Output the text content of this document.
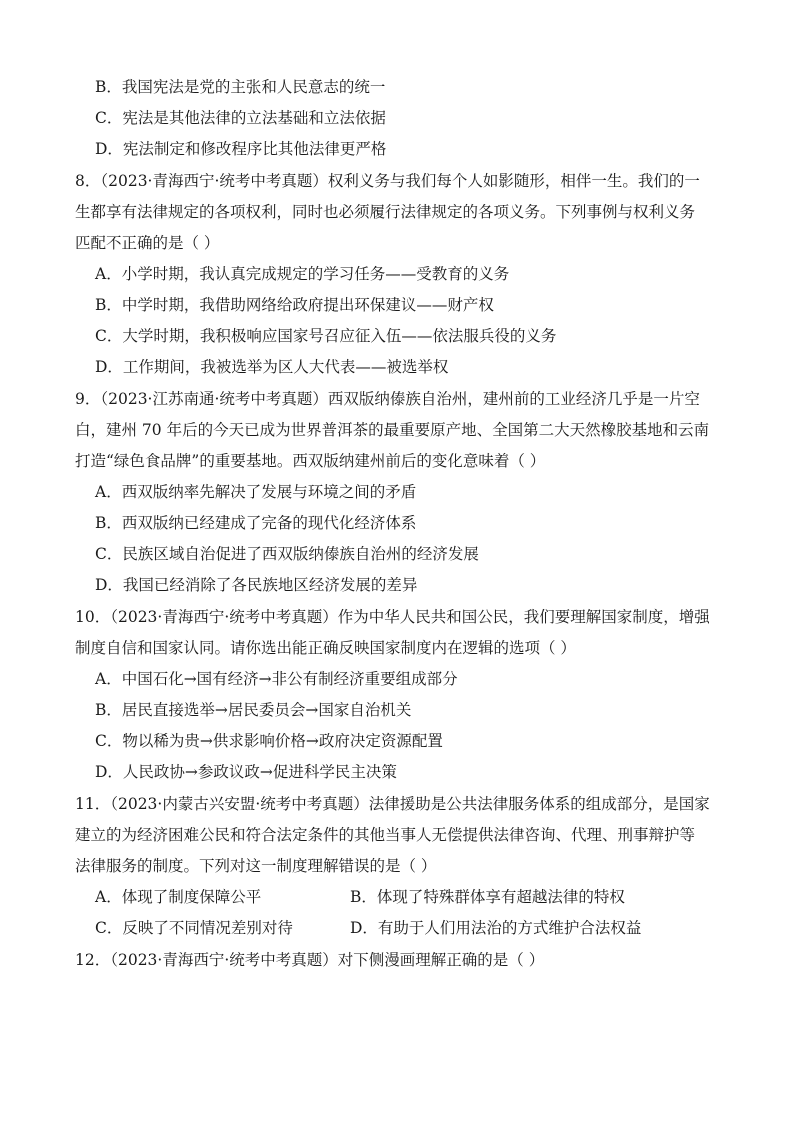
B．我国宪法是党的主张和人民意志的统一
C．宪法是其他法律的立法基础和立法依据
D．宪法制定和修改程序比其他法律更严格
8．（2023·青海西宁·统考中考真题）权利义务与我们每个人如影随形，相伴一生。我们的一
生都享有法律规定的各项权利，同时也必须履行法律规定的各项义务。下列事例与权利义务
匹配不正确的是（ ）
A．小学时期，我认真完成规定的学习任务——受教育的义务
B．中学时期，我借助网络给政府提出环保建议——财产权
C．大学时期，我积极响应国家号召应征入伍——依法服兵役的义务
D．工作期间，我被选举为区人大代表——被选举权
9．（2023·江苏南通·统考中考真题）西双版纳傣族自治州，建州前的工业经济几乎是一片空
白，建州 70 年后的今天已成为世界普洱茶的最重要原产地、全国第二大天然橡胶基地和云南
打造“绿色食品牌”的重要基地。西双版纳建州前后的变化意味着（ ）
A．西双版纳率先解决了发展与环境之间的矛盾
B．西双版纳已经建成了完备的现代化经济体系
C．民族区域自治促进了西双版纳傣族自治州的经济发展
D．我国已经消除了各民族地区经济发展的差异
10．（2023·青海西宁·统考中考真题）作为中华人民共和国公民，我们要理解国家制度，增强
制度自信和国家认同。请你选出能正确反映国家制度内在逻辑的选项（ ）
A．中国石化→国有经济→非公有制经济重要组成部分
B．居民直接选举→居民委员会→国家自治机关
C．物以稀为贵→供求影响价格→政府决定资源配置
D．人民政协→参政议政→促进科学民主决策
11．（2023·内蒙古兴安盟·统考中考真题）法律援助是公共法律服务体系的组成部分，是国家
建立的为经济困难公民和符合法定条件的其他当事人无偿提供法律咨询、代理、刑事辩护等
法律服务的制度。下列对这一制度理解错误的是（ ）
A．体现了制度保障公平	B．体现了特殊群体享有超越法律的特权
C．反映了不同情况差别对待	D．有助于人们用法治的方式维护合法权益
12．（2023·青海西宁·统考中考真题）对下侧漫画理解正确的是（ ）
